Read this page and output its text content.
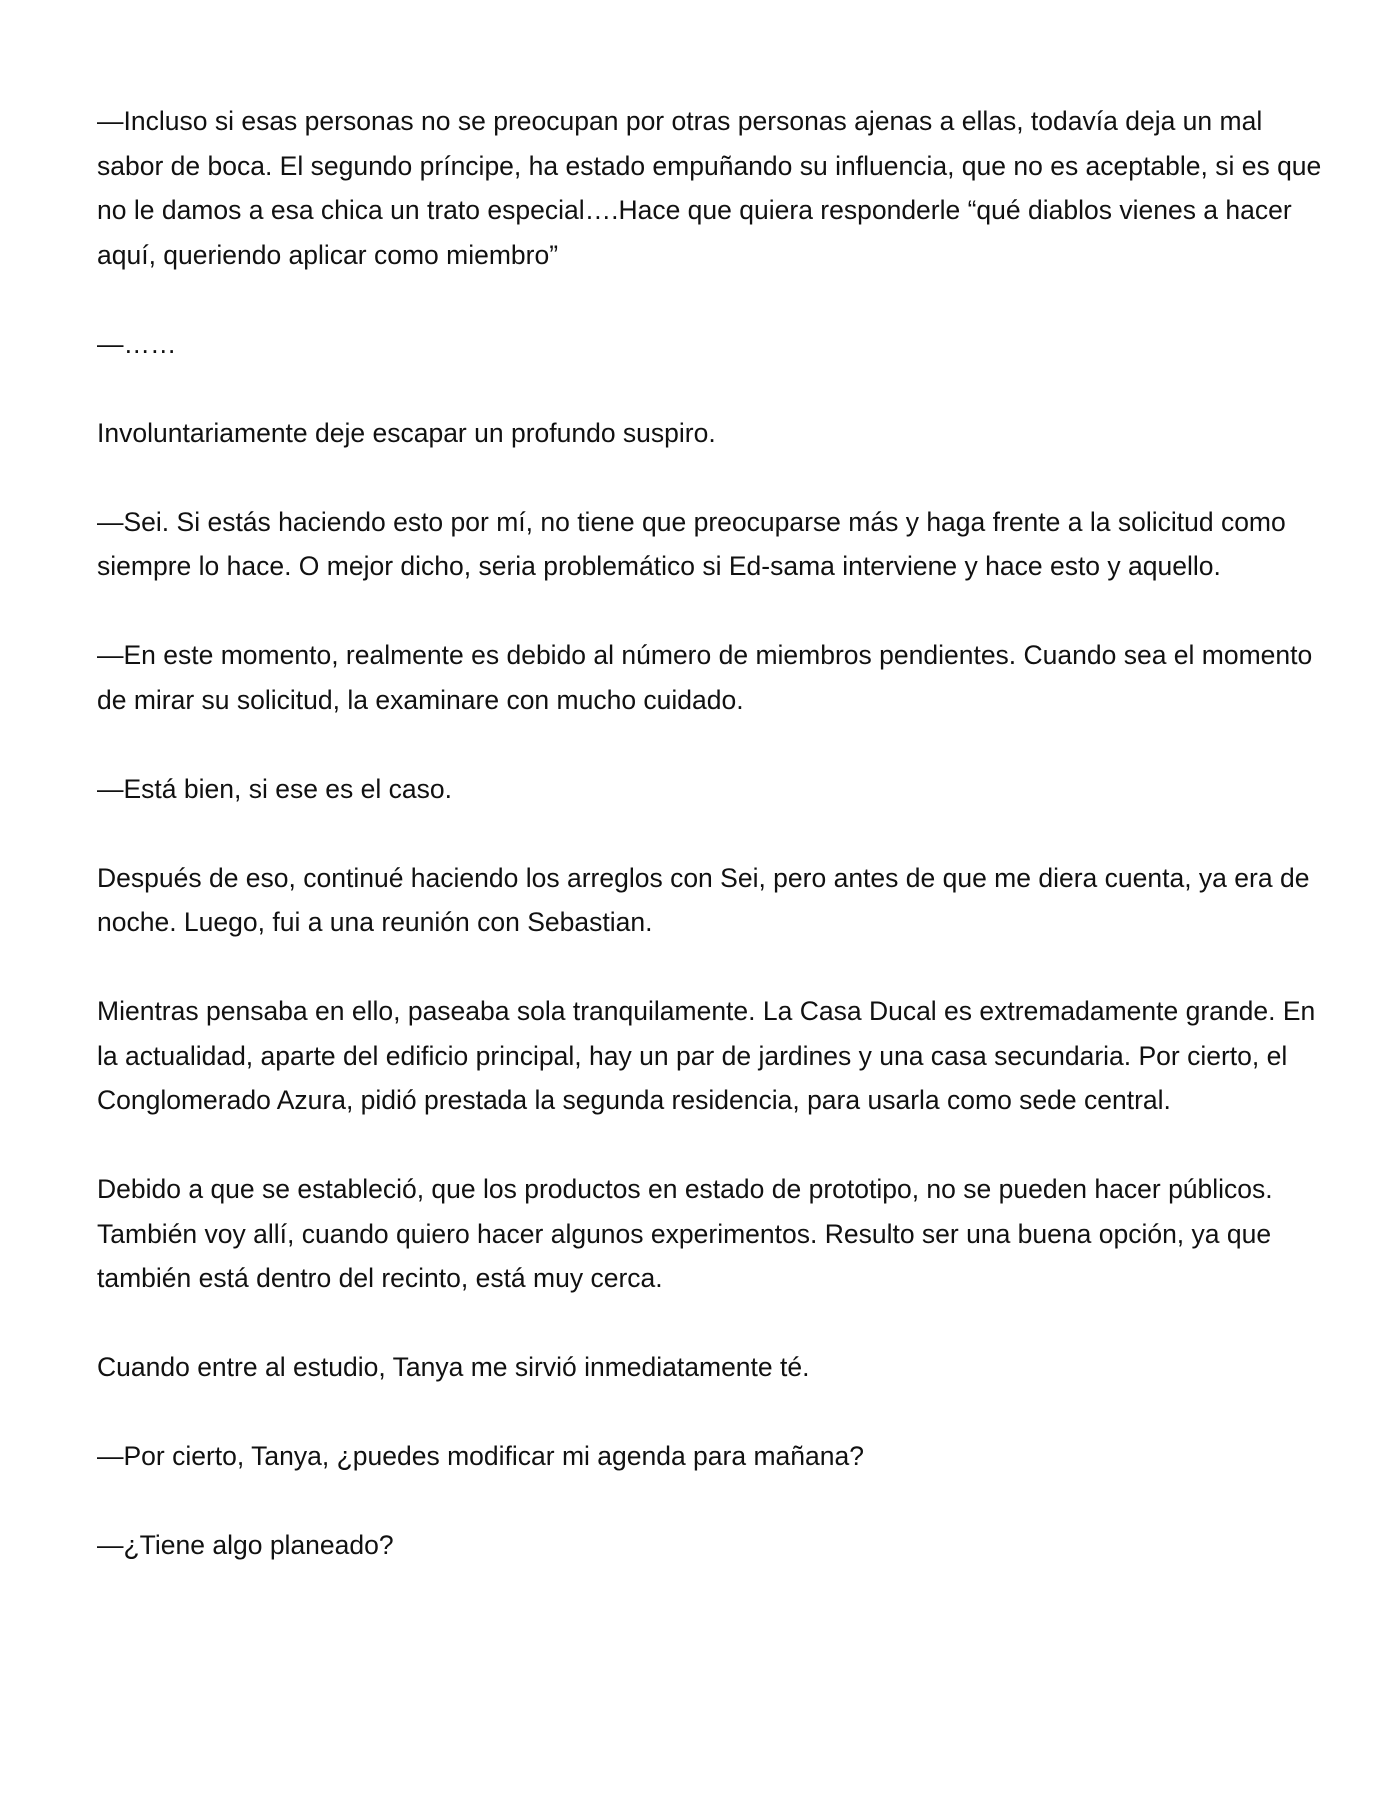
—Incluso si esas personas no se preocupan por otras personas ajenas a ellas, todavía deja un mal sabor de boca. El segundo príncipe, ha estado empuñando su influencia, que no es aceptable, si es que no le damos a esa chica un trato especial….Hace que quiera responderle “qué diablos vienes a hacer aquí, queriendo aplicar como miembro”

—……

Involuntariamente deje escapar un profundo suspiro.

—Sei. Si estás haciendo esto por mí, no tiene que preocuparse más y haga frente a la solicitud como siempre lo hace. O mejor dicho, seria problemático si Ed-sama interviene y hace esto y aquello.

—En este momento, realmente es debido al número de miembros pendientes. Cuando sea el momento de mirar su solicitud, la examinare con mucho cuidado.

—Está bien, si ese es el caso.

Después de eso, continué haciendo los arreglos con Sei, pero antes de que me diera cuenta, ya era de noche. Luego, fui a una reunión con Sebastian.

Mientras pensaba en ello, paseaba sola tranquilamente. La Casa Ducal es extremadamente grande. En la actualidad, aparte del edificio principal, hay un par de jardines y una casa secundaria. Por cierto, el Conglomerado Azura, pidió prestada la segunda residencia, para usarla como sede central.

Debido a que se estableció, que los productos en estado de prototipo, no se pueden hacer públicos. También voy allí, cuando quiero hacer algunos experimentos. Resulto ser una buena opción, ya que también está dentro del recinto, está muy cerca.

Cuando entre al estudio, Tanya me sirvió inmediatamente té.

—Por cierto, Tanya, ¿puedes modificar mi agenda para mañana?

—¿Tiene algo planeado?
